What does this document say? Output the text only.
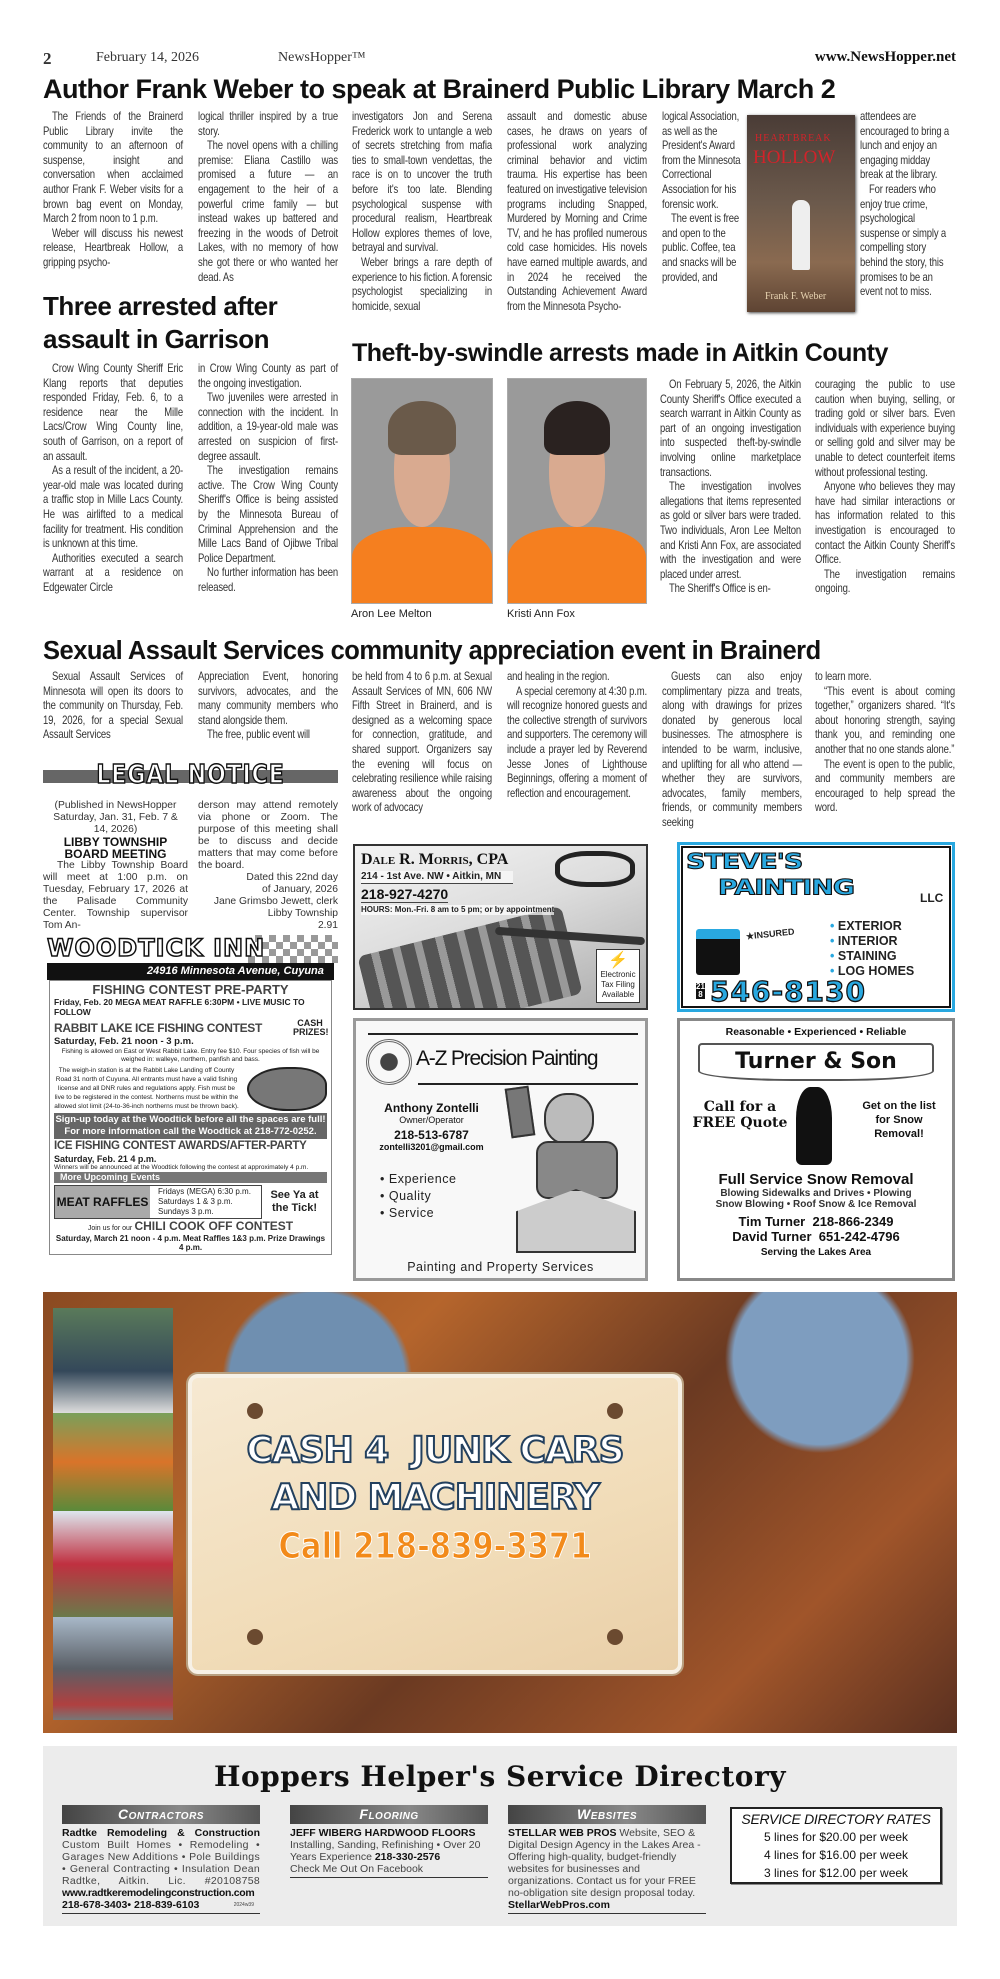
2	February 14, 2026	NewsHopper™	www.NewsHopper.net
Author Frank Weber to speak at Brainerd Public Library March 2

The Friends of the Brainerd Public Library invite the community to an afternoon of suspense, insight and conversation when acclaimed author Frank F. Weber visits for a brown bag event on Monday, March 2 from noon to 1 p.m.

Weber will discuss his newest release, Heartbreak Hollow, a gripping psycho-

logical thriller inspired by a true story.

The novel opens with a chilling premise: Eliana Castillo was promised a future — an engagement to the heir of a powerful crime family — but instead wakes up battered and freezing in the woods of Detroit Lakes, with no memory of how she got there or who wanted her dead. As

investigators Jon and Serena Frederick work to untangle a web of secrets stretching from mafia ties to small-town vendettas, the race is on to uncover the truth before it's too late. Blending psychological suspense with procedural realism, Heartbreak Hollow explores themes of love, betrayal and survival.

Weber brings a rare depth of experience to his fiction. A forensic psychologist specializing in homicide, sexual

assault and domestic abuse cases, he draws on years of professional work analyzing criminal behavior and victim trauma. His expertise has been featured on investigative television programs including Snapped, Murdered by Morning and Crime TV, and he has profiled numerous cold case homicides. His novels have earned multiple awards, and in 2024 he received the Outstanding Achievement Award from the Minnesota Psycho-

logical Association, as well as the President's Award from the Minnesota Correctional Association for his forensic work.

The event is free and open to the public. Coffee, tea and snacks will be provided, and

attendees are encouraged to bring a lunch and enjoy an engaging midday break at the library.

For readers who enjoy true crime, psychological suspense or simply a compelling story behind the story, this promises to be an event not to miss.

HEARTBREAK
HOLLOW
Frank F. Weber
Three arrested after
assault in Garrison

Crow Wing County Sheriff Eric Klang reports that deputies responded Friday, Feb. 6, to a residence near the Mille Lacs/Crow Wing County line, south of Garrison, on a report of an assault.

As a result of the incident, a 20-year-old male was located during a traffic stop in Mille Lacs County. He was airlifted to a medical facility for treatment. His condition is unknown at this time.

Authorities executed a search warrant at a residence on Edgewater Circle

in Crow Wing County as part of the ongoing investigation.

Two juveniles were arrested in connection with the incident. In addition, a 19-year-old male was arrested on suspicion of first-degree assault.

The investigation remains active. The Crow Wing County Sheriff's Office is being assisted by the Minnesota Bureau of Criminal Apprehension and the Mille Lacs Band of Ojibwe Tribal Police Department.

No further information has been released.

Theft-by-swindle arrests made in Aitkin County
Aron Lee Melton	Kristi Ann Fox

On February 5, 2026, the Aitkin County Sheriff's Office executed a search warrant in Aitkin County as part of an ongoing investigation into suspected theft-by-swindle involving online marketplace transactions.

The investigation involves allegations that items represented as gold or silver bars were traded. Two individuals, Aron Lee Melton and Kristi Ann Fox, are associated with the investigation and were placed under arrest.

The Sheriff's Office is en-

couraging the public to use caution when buying, selling, or trading gold or silver bars. Even individuals with experience buying or selling gold and silver may be unable to detect counterfeit items without professional testing.

Anyone who believes they may have had similar interactions or has information related to this investigation is encouraged to contact the Aitkin County Sheriff's Office.

The investigation remains ongoing.

Sexual Assault Services community appreciation event in Brainerd

Sexual Assault Services of Minnesota will open its doors to the community on Thursday, Feb. 19, 2026, for a special Sexual Assault Services

Appreciation Event, honoring survivors, advocates, and the many community members who stand alongside them.

The free, public event will

be held from 4 to 6 p.m. at Sexual Assault Services of MN, 606 NW Fifth Street in Brainerd, and is designed as a welcoming space for connection, gratitude, and shared support. Organizers say the evening will focus on celebrating resilience while raising awareness about the ongoing work of advocacy

and healing in the region.

A special ceremony at 4:30 p.m. will recognize honored guests and the collective strength of survivors and supporters. The ceremony will include a prayer led by Reverend Jesse Jones of Lighthouse Beginnings, offering a moment of reflection and encouragement.

Guests can also enjoy complimentary pizza and treats, along with drawings for prizes donated by generous local businesses. The atmosphere is intended to be warm, inclusive, and uplifting for all who attend — whether they are survivors, advocates, family members, friends, or community members seeking

to learn more.

“This event is about coming together,” organizers shared. “It's about honoring strength, saying thank you, and reminding one another that no one stands alone.”

The event is open to the public, and community members are encouraged to help spread the word.

LEGAL NOTICE
(Published in NewsHopper Saturday, Jan. 31, Feb. 7 & 14, 2026)
LIBBY TOWNSHIP
BOARD MEETING
The Libby Township Board will meet at 1:00 p.m. on Tuesday, February 17, 2026 at the Palisade Community Center. Township supervisor Tom An-
derson may attend remotely via phone or Zoom. The purpose of this meeting shall be to discuss and decide matters that may come before the board.
Dated this 22nd day
of January, 2026
Jane Grimsbo Jewett, clerk
Libby Township
2.91
Dale R. Morris, CPA
214 - 1st Ave. NW • Aitkin, MN
218-927-4270
HOURS: Mon.-Fri. 8 am to 5 pm; or by appointment
⚡
Electronic Tax Filing Available
STEVE'S
PAINTING	LLC
★INSURED
• EXTERIOR
• INTERIOR
• STAINING
• LOG HOMES
218 546-8130
WOODTICK INN
24916 Minnesota Avenue, Cuyuna
FISHING CONTEST PRE-PARTY
Friday, Feb. 20 MEGA MEAT RAFFLE 6:30PM • LIVE MUSIC TO FOLLOW
RABBIT LAKE ICE FISHING CONTEST	CASH PRIZES!
Saturday, Feb. 21 noon - 3 p.m.
Fishing is allowed on East or West Rabbit Lake. Entry fee $10. Four species of fish will be weighed in: walleye, northern, panfish and bass.
The weigh-in station is at the Rabbit Lake Landing off County Road 31 north of Cuyuna. All entrants must have a valid fishing license and all DNR rules and regulations apply. Fish must be live to be registered in the contest. Northerns must be within the allowed slot limit (24-to-36-inch northerns must be thrown back).
Sign-up today at the Woodtick before all the spaces are full!
For more information call the Woodtick at 218-772-0252.
ICE FISHING CONTEST AWARDS/AFTER-PARTY
Saturday, Feb. 21 4 p.m.
Winners will be announced at the Woodtick following the contest at approximately 4 p.m.
More Upcoming Events
MEAT RAFFLES
Fridays (MEGA) 6:30 p.m.
Saturdays 1 & 3 p.m.
Sundays 3 p.m.
See Ya at the Tick!
Join us for our CHILI COOK OFF CONTEST
Saturday, March 21 noon - 4 p.m. Meat Raffles 1&3 p.m. Prize Drawings 4 p.m.
A-Z Precision Painting
Anthony Zontelli
Owner/Operator
218-513-6787
zontelli3201@gmail.com
• Experience
• Quality
• Service
Painting and Property Services
Reasonable • Experienced • Reliable
Turner & Son
Call for a FREE Quote
Get on the list for Snow Removal!
Full Service Snow Removal
Blowing Sidewalks and Drives • Plowing
Snow Blowing • Roof Snow & Ice Removal
Tim Turner  218-866-2349
David Turner  651-242-4796
Serving the Lakes Area
CASH 4  JUNK CARS
AND MACHINERY
Call 218-839-3371
Hoppers Helper's Service Directory
Contractors
Radtke Remodeling & Construction
Custom Built Homes • Remodeling • Garages New Additions • Pole Buildings • General Contracting • Insulation Dean Radtke, Aitkin. Lic. #20108758
www.radtkeremodelingconstruction.com
218-678-3403• 218-839-6103	2024w39
Flooring
JEFF WIBERG HARDWOOD FLOORS Installing, Sanding, Refinishing • Over 20 Years Experience 218-330-2576
Check Me Out On Facebook
Websites
STELLAR WEB PROS Website, SEO & Digital Design Agency in the Lakes Area - Offering high-quality, budget-friendly websites for businesses and organizations. Contact us for your FREE no-obligation site design proposal today. StellarWebPros.com
SERVICE DIRECTORY RATES
5 lines for $20.00 per week
4 lines for $16.00 per week
3 lines for $12.00 per week
